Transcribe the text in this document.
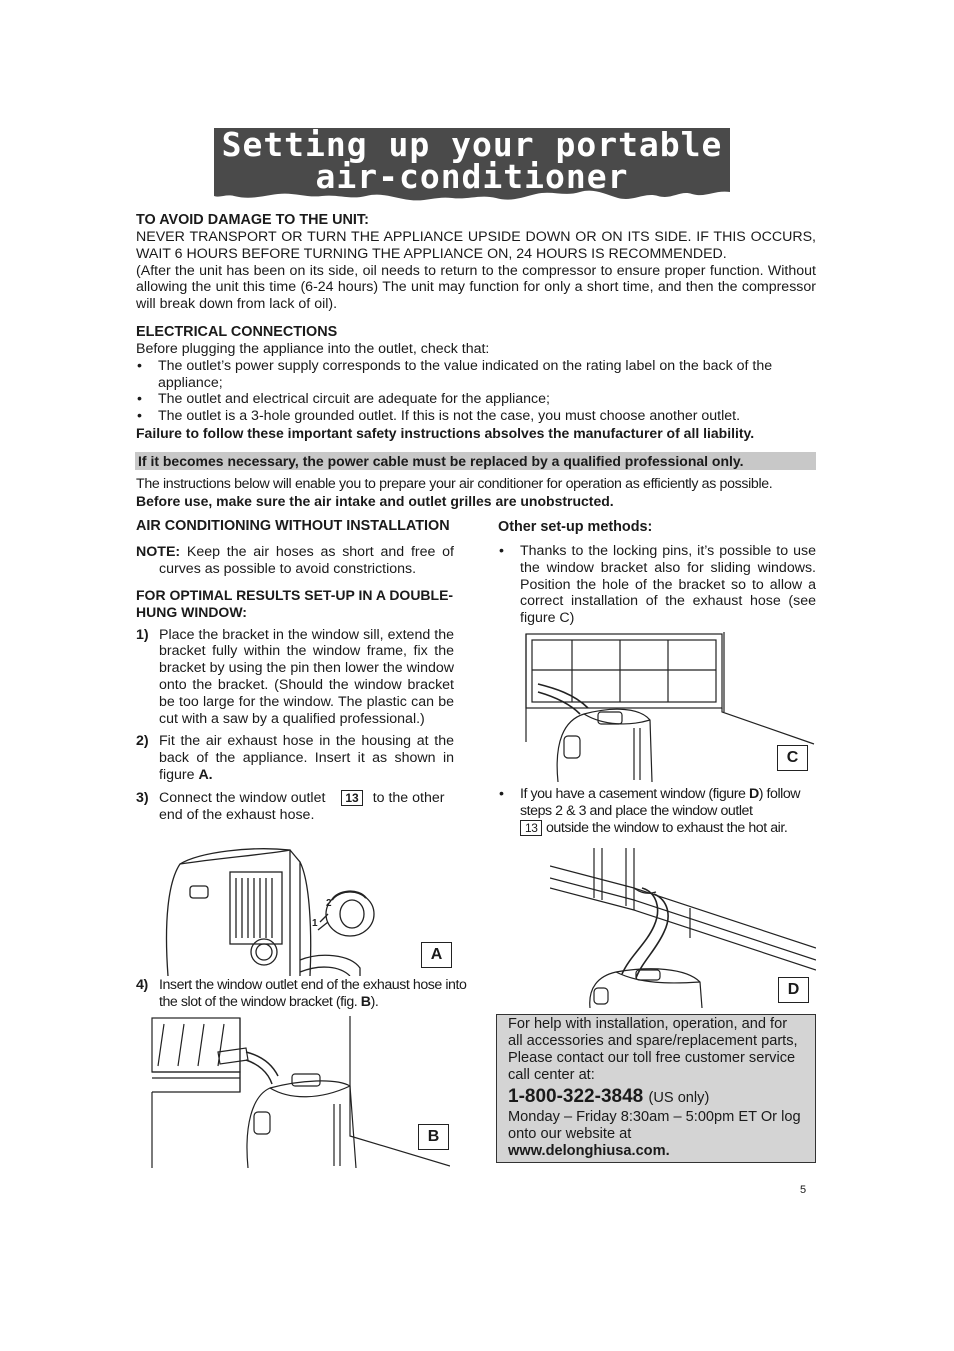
Setting up your portable
air-conditioner

TO AVOID DAMAGE TO THE UNIT:

NEVER TRANSPORT OR TURN THE APPLIANCE UPSIDE DOWN OR ON ITS SIDE. IF THIS OCCURS, WAIT 6 HOURS BEFORE TURNING THE APPLIANCE ON, 24 HOURS IS RECOMMENDED.

(After the unit has been on its side, oil needs to return to the compressor to ensure proper function. Without allowing the unit this time (6-24 hours) The unit may function for only a short time, and then the compressor will break down from lack of oil).

ELECTRICAL CONNECTIONS

Before plugging the appliance into the outlet, check that:

• The outlet’s power supply corresponds to the value indicated on the rating label on the back of the appliance;
• The outlet and electrical circuit are adequate for the appliance;
• The outlet is a 3-hole grounded outlet. If this is not the case, you must choose another outlet.

Failure to follow these important safety instructions absolves the manufacturer of all liability.

If it becomes necessary, the power cable must be replaced by a qualified professional only.

The instructions below will enable you to prepare your air conditioner for operation as efficiently as possible.

Before use, make sure the air intake and outlet grilles are unobstructed.

AIR CONDITIONING WITHOUT INSTALLATION

NOTE: Keep the air hoses as short and free of curves as possible to avoid constrictions.

FOR OPTIMAL RESULTS SET-UP IN A DOUBLE-HUNG WINDOW:

1) Place the bracket in the window sill, extend the bracket fully within the window frame, fix the bracket by using the pin then lower the window onto the bracket. (Should the window bracket be too large for the window. The plastic can be cut with a saw by a qualified professional.)
2) Fit the air exhaust hose in the housing at the back of the appliance. Insert it as shown in figure A.
3) Connect the window outlet 13 to the other end of the exhaust hose.
2
1
A
4) Insert the window outlet end of the exhaust hose into the slot of the window bracket (fig. B).
B

Other set-up methods:

• Thanks to the locking pins, it’s possible to use the window bracket also for sliding windows. Position the hole of the bracket so to allow a correct installation of the exhaust hose (see figure C)
C
• If you have a casement window (figure D) follow steps 2 & 3 and place the window outlet
13 outside the window to exhaust the hot air.
D

For help with installation, operation, and for all accessories and spare/replacement parts, Please contact our toll free customer service call center at:

1-800-322-3848 (US only)

Monday – Friday 8:30am – 5:00pm ET Or log onto our website at

www.delonghiusa.com.

5
